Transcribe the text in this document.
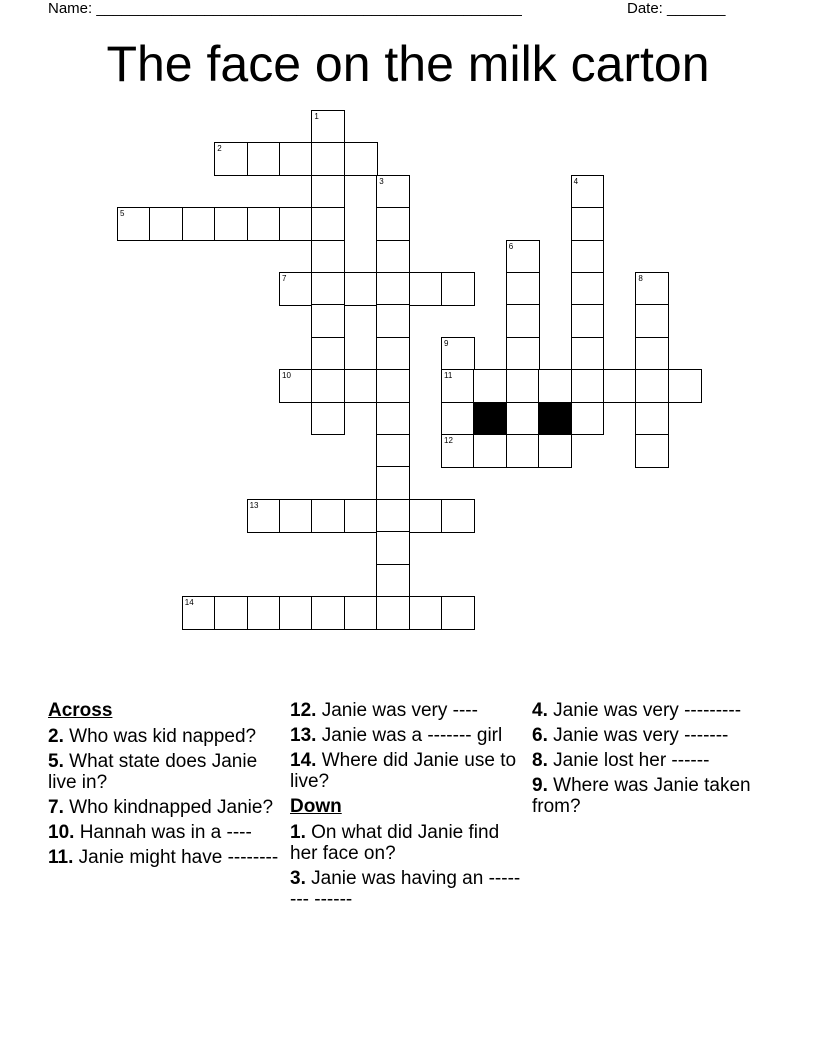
Name: ___________________________________________________	Date: _______
The face on the milk carton
1
2
3	4
5
6
7	8
9
10	11
12
13
14
Across
2. Who was kid napped?
5. What state does Janie live in?
7. Who kindnapped Janie?
10. Hannah was in a ----
11. Janie might have --------
12. Janie was very ----
13. Janie was a ------- girl
14. Where did Janie use to live?
Down
1. On what did Janie find her face on?
3. Janie was having an -------- ------
4. Janie was very ---------
6. Janie was very -------
8. Janie lost her ------
9. Where was Janie taken from?
